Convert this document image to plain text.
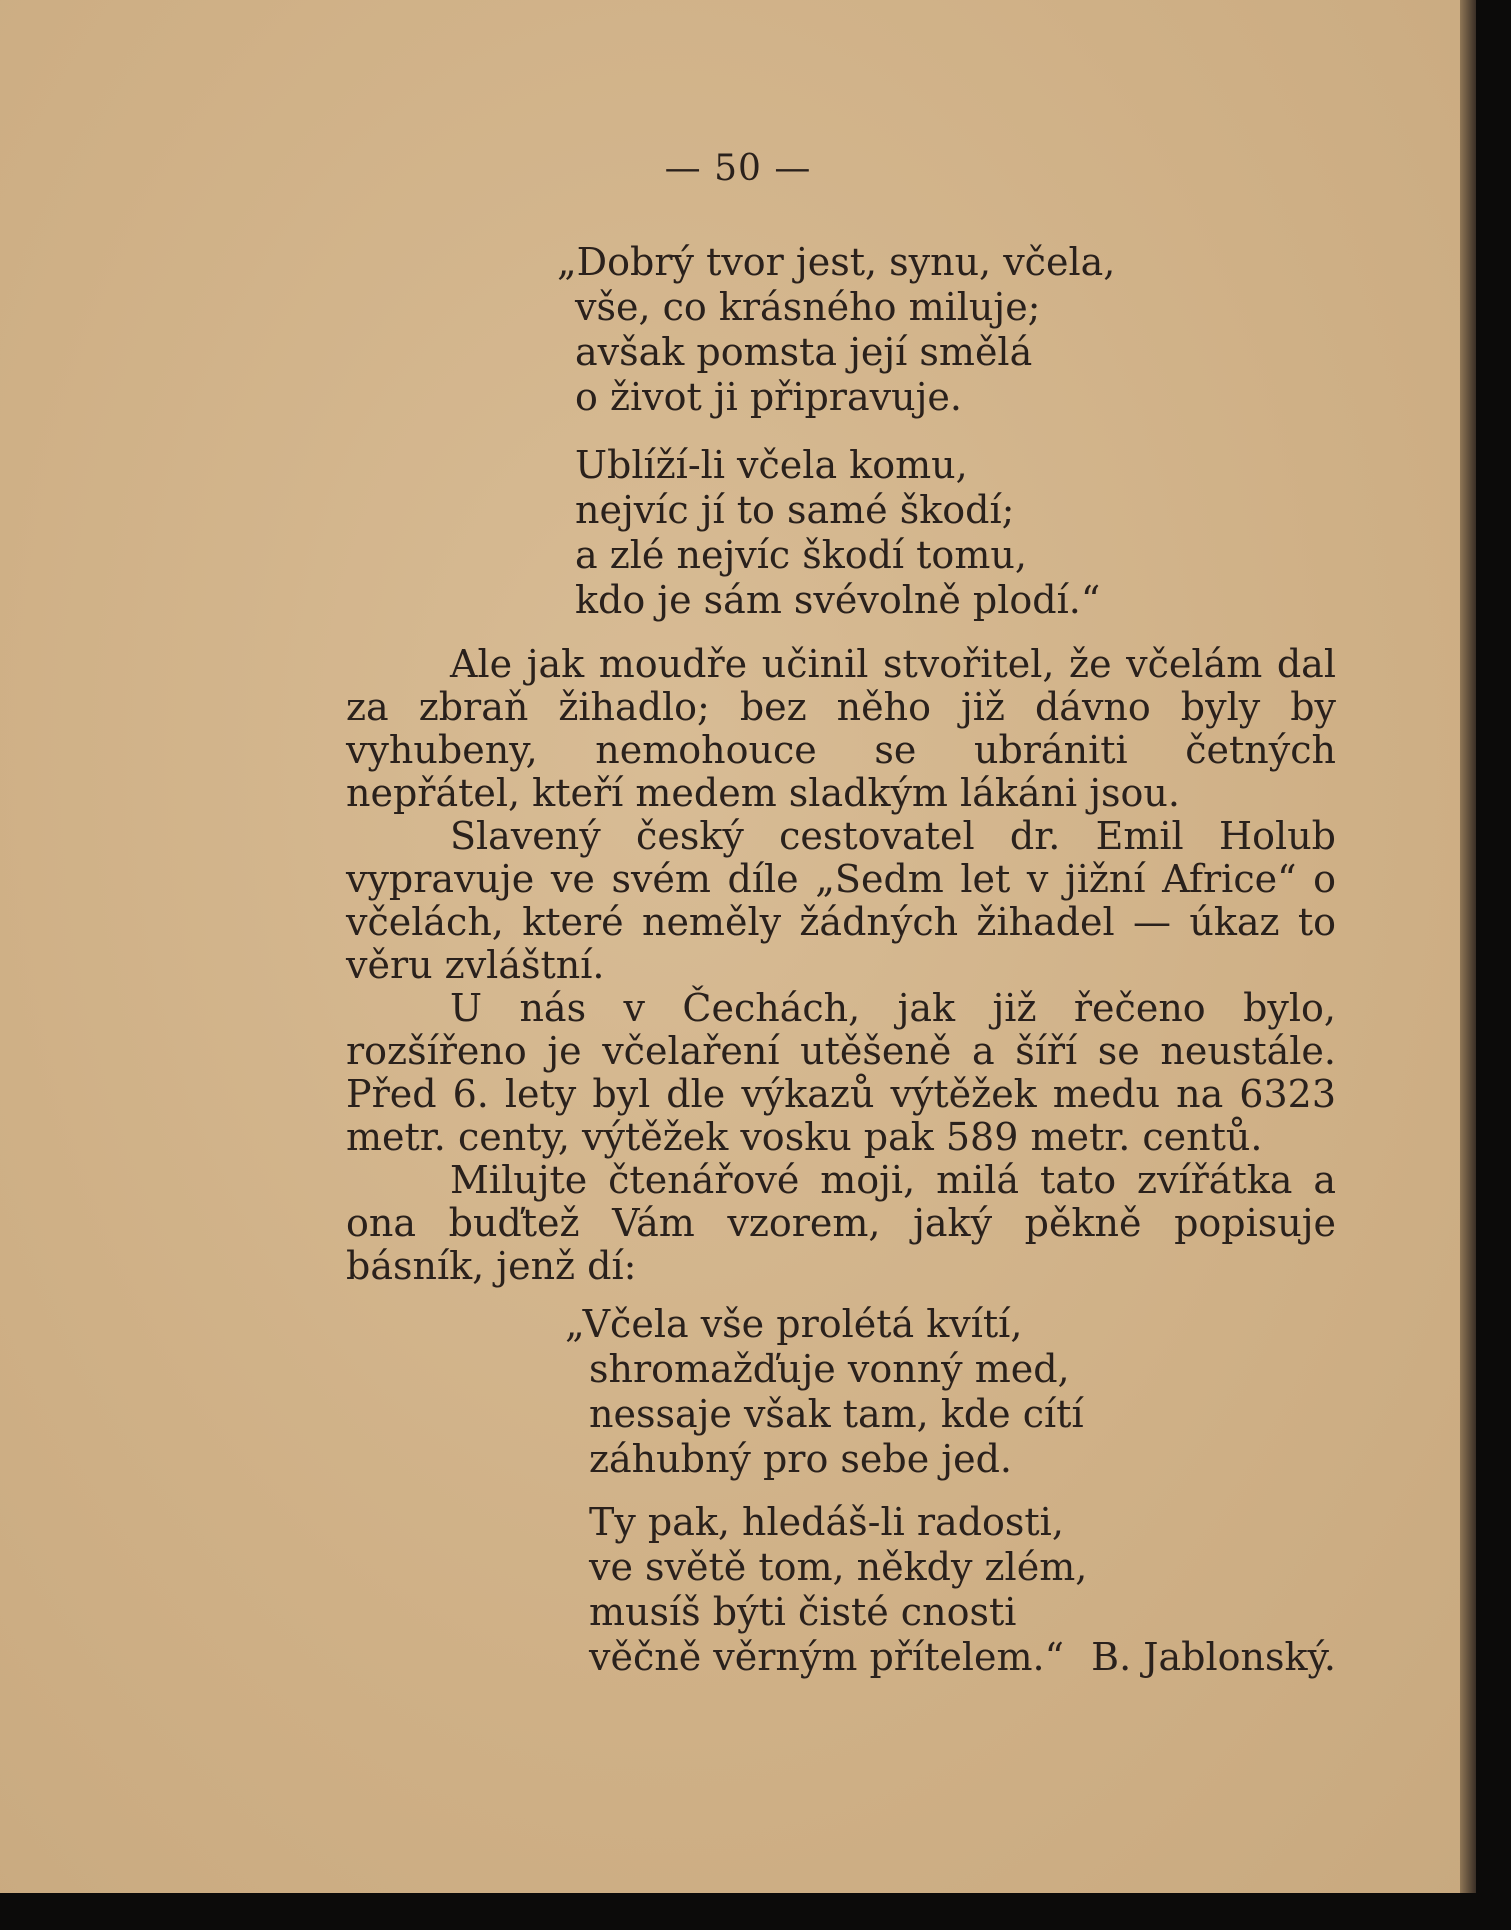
— 50 —
„Dobrý tvor jest, synu, včela,
vše, co krásného miluje;
avšak pomsta její smělá
o život ji připravuje.
Ublíží-li včela komu,
nejvíc jí to samé škodí;
a zlé nejvíc škodí tomu,
kdo je sám svévolně plodí.“

Ale jak moudře učinil stvořitel, že včelám dal za zbraň žihadlo; bez něho již dávno byly by vyhubeny, nemohouce se ubrániti četných nepřátel, kteří medem sladkým lákáni jsou.

Slavený český cestovatel dr. Emil Holub vypravuje ve svém díle „Sedm let v jižní Africe“ o včelách, které neměly žádných žihadel — úkaz to věru zvláštní.

U nás v Čechách, jak již řečeno bylo, rozšířeno je včelaření utěšeně a šíří se neustále. Před 6. lety byl dle výkazů výtěžek medu na 6323 metr. centy, výtěžek vosku pak 589 metr. centů.

Milujte čtenářové moji, milá tato zvířátka a ona buďtež Vám vzorem, jaký pěkně popisuje básník, jenž dí:

„Včela vše prolétá kvítí,
shromažďuje vonný med,
nessaje však tam, kde cítí
záhubný pro sebe jed.
Ty pak, hledáš-li radosti,
ve světě tom, někdy zlém,
musíš býti čisté cnosti
věčně věrným přítelem.“ B. Jablonský.
